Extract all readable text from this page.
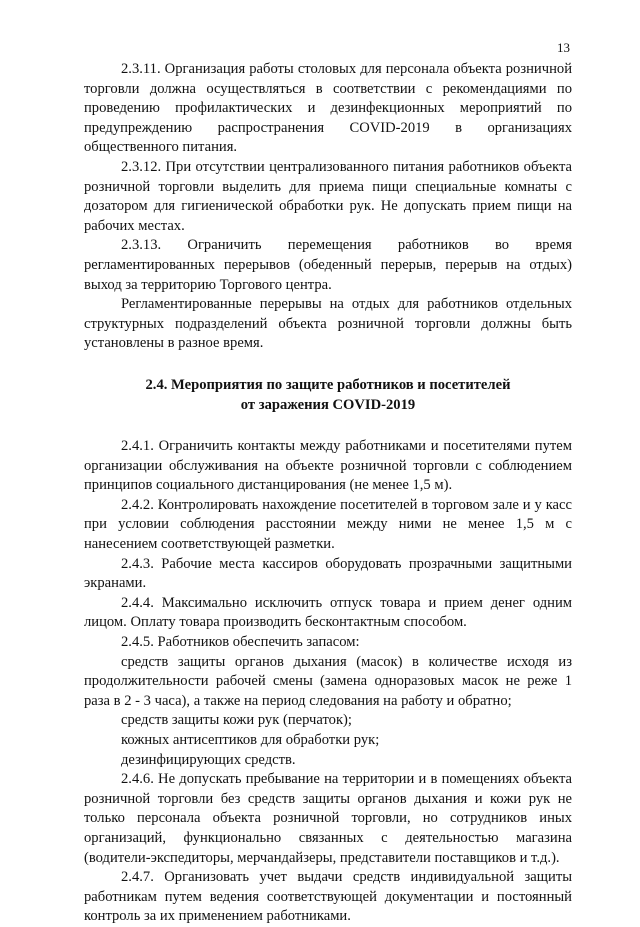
13

2.3.11. Организация работы столовых для персонала объекта розничной торговли должна осуществляться в соответствии с рекомендациями по проведению профилактических и дезинфекционных мероприятий по предупреждению распространения COVID-2019 в организациях общественного питания.

2.3.12. При отсутствии централизованного питания работников объекта розничной торговли выделить для приема пищи специальные комнаты с дозатором для гигиенической обработки рук. Не допускать прием пищи на рабочих местах.

2.3.13. Ограничить перемещения работников во время регламентированных перерывов (обеденный перерыв, перерыв на отдых) выход за территорию Торгового центра.

Регламентированные перерывы на отдых для работников отдельных структурных подразделений объекта розничной торговли должны быть установлены в разное время.

2.4. Мероприятия по защите работников и посетителей
от заражения COVID-2019

2.4.1. Ограничить контакты между работниками и посетителями путем организации обслуживания на объекте розничной торговли с соблюдением принципов социального дистанцирования (не менее 1,5 м).

2.4.2. Контролировать нахождение посетителей в торговом зале и у касс при условии соблюдения расстоянии между ними не менее 1,5 м с нанесением соответствующей разметки.

2.4.3. Рабочие места кассиров оборудовать прозрачными защитными экранами.

2.4.4. Максимально исключить отпуск товара и прием денег одним лицом. Оплату товара производить бесконтактным способом.

2.4.5. Работников обеспечить запасом:

средств защиты органов дыхания (масок) в количестве исходя из продолжительности рабочей смены (замена одноразовых масок не реже 1 раза в 2 - 3 часа), а также на период следования на работу и обратно;

средств защиты кожи рук (перчаток);

кожных антисептиков для обработки рук;

дезинфицирующих средств.

2.4.6. Не допускать пребывание на территории и в помещениях объекта розничной торговли без средств защиты органов дыхания и кожи рук не только персонала объекта розничной торговли, но сотрудников иных организаций, функционально связанных с деятельностью магазина (водители-экспедиторы, мерчандайзеры, представители поставщиков и т.д.).

2.4.7. Организовать учет выдачи средств индивидуальной защиты работникам путем ведения соответствующей документации и постоянный контроль за их применением работниками.
